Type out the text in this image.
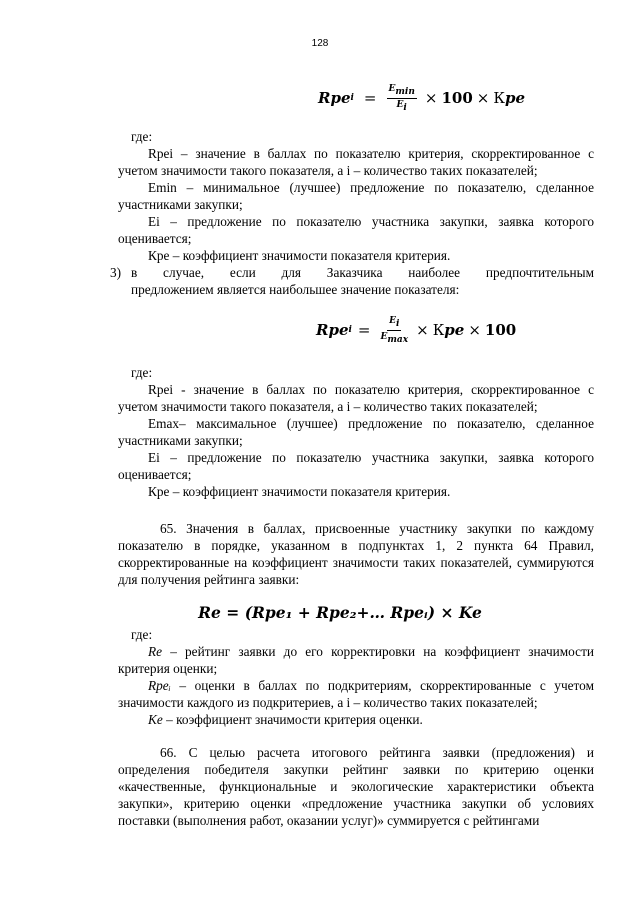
128
Rpe $i = \frac{E_{min}}{E_i} \times 100 \times К$ pe

где:

Rpei – значение в баллах по показателю критерия, скорректированное с учетом значимости такого показателя, а i – количество таких показателей;

Emin – минимальное (лучшее) предложение по показателю, сделанное участниками закупки;

Ei – предложение по показателю участника закупки, заявка которого оценивается;

Кре – коэффициент значимости показателя критерия.

3) в случае, если для Заказчика наиболее предпочтительным
предложением является наибольшее значение показателя:
Rpe $i = \frac{E_i}{E_{max}} \times К$ pe × 100

где:

Rpei - значение в баллах по показателю критерия, скорректированное с учетом значимости такого показателя, а i – количество таких показателей;

Emax– максимальное (лучшее) предложение по показателю, сделанное участниками закупки;

Ei – предложение по показателю участника закупки, заявка которого оценивается;

Кре – коэффициент значимости показателя критерия.

65. Значения в баллах, присвоенные участнику закупки по каждому показателю в порядке, указанном в подпунктах 1, 2 пункта 64 Правил, скорректированные на коэффициент значимости таких показателей, суммируются для получения рейтинга заявки:

Re = (Rpe₁ + Rpe₂+… Rpeᵢ) × Ke

где:

Re – рейтинг заявки до его корректировки на коэффициент значимости критерия оценки;

Rpeᵢ – оценки в баллах по подкритериям, скорректированные с учетом значимости каждого из подкритериев, а i – количество таких показателей;

Ke – коэффициент значимости критерия оценки.

66. С целью расчета итогового рейтинга заявки (предложения) и определения победителя закупки рейтинг заявки по критерию оценки «качественные, функциональные и экологические характеристики объекта закупки», критерию оценки «предложение участника закупки об условиях поставки (выполнения работ, оказании услуг)» суммируется с рейтингами
